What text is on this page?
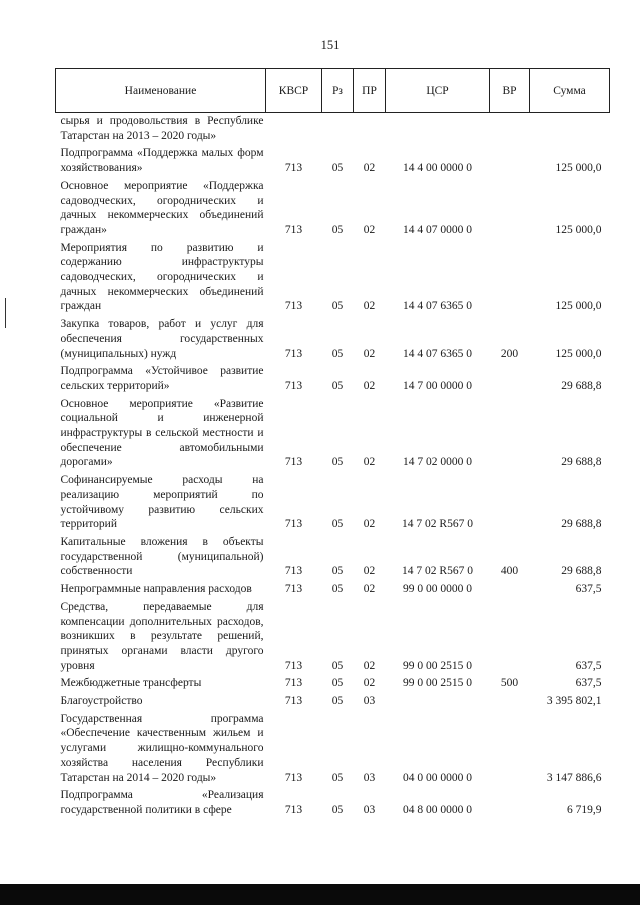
151
Наименование	КВСР	Рз	ПР	ЦСР	ВР	Сумма
сырья и продовольствия в Республике Татарстан на 2013 – 2020 годы»						
Подпрограмма «Поддержка малых форм хозяйствования»	713	05	02	14 4 00 0000 0		125 000,0
Основное мероприятие «Поддержка садоводческих, огороднических и дачных некоммерческих объединений граждан»	713	05	02	14 4 07 0000 0		125 000,0
Мероприятия по развитию и содержанию инфраструктуры садоводческих, огороднических и дачных некоммерческих объединений граждан	713	05	02	14 4 07 6365 0		125 000,0
Закупка товаров, работ и услуг для обеспечения государственных (муниципальных) нужд	713	05	02	14 4 07 6365 0	200	125 000,0
Подпрограмма «Устойчивое развитие сельских территорий»	713	05	02	14 7 00 0000 0		29 688,8
Основное мероприятие «Развитие социальной и инженерной инфраструктуры в сельской местности и обеспечение автомобильными дорогами»	713	05	02	14 7 02 0000 0		29 688,8
Софинансируемые расходы на реализацию мероприятий по устойчивому развитию сельских территорий	713	05	02	14 7 02 R567 0		29 688,8
Капитальные вложения в объекты государственной (муниципальной) собственности	713	05	02	14 7 02 R567 0	400	29 688,8
Непрограммные направления расходов	713	05	02	99 0 00 0000 0		637,5
Средства, передаваемые для компенсации дополнительных расходов, возникших в результате решений, принятых органами власти другого уровня	713	05	02	99 0 00 2515 0		637,5
Межбюджетные трансферты	713	05	02	99 0 00 2515 0	500	637,5
Благоустройство	713	05	03			3 395 802,1
Государственная программа «Обеспечение качественным жильем и услугами жилищно-коммунального хозяйства населения Республики Татарстан на 2014 – 2020 годы»	713	05	03	04 0 00 0000 0		3 147 886,6
Подпрограмма «Реализация государственной политики в сфере	713	05	03	04 8 00 0000 0		6 719,9
